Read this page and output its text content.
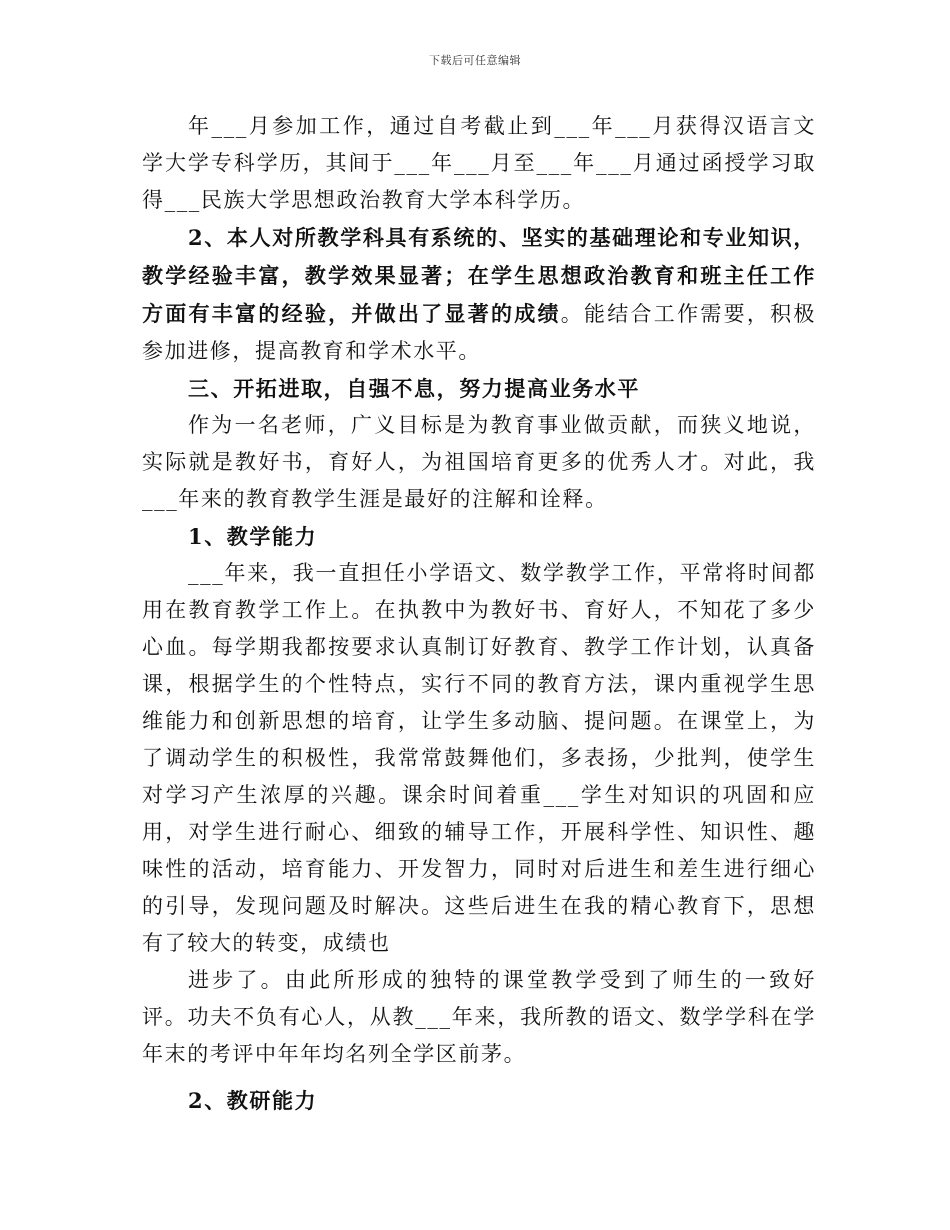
下载后可任意编辑

年___月参加工作，通过自考截止到___年___月获得汉语言文学大学专科学历，其间于___年___月至___年___月通过函授学习取得___民族大学思想政治教育大学本科学历。

2、本人对所教学科具有系统的、坚实的基础理论和专业知识，教学经验丰富，教学效果显著；在学生思想政治教育和班主任工作方面有丰富的经验，并做出了显著的成绩。能结合工作需要，积极参加进修，提高教育和学术水平。

三、开拓进取，自强不息，努力提高业务水平

作为一名老师，广义目标是为教育事业做贡献，而狭义地说，实际就是教好书，育好人，为祖国培育更多的优秀人才。对此，我___年来的教育教学生涯是最好的注解和诠释。

1、教学能力

___年来，我一直担任小学语文、数学教学工作，平常将时间都用在教育教学工作上。在执教中为教好书、育好人，不知花了多少心血。每学期我都按要求认真制订好教育、教学工作计划，认真备课，根据学生的个性特点，实行不同的教育方法，课内重视学生思维能力和创新思想的培育，让学生多动脑、提问题。在课堂上，为了调动学生的积极性，我常常鼓舞他们，多表扬，少批判，使学生对学习产生浓厚的兴趣。课余时间着重___学生对知识的巩固和应用，对学生进行耐心、细致的辅导工作，开展科学性、知识性、趣味性的活动，培育能力、开发智力，同时对后进生和差生进行细心的引导，发现问题及时解决。这些后进生在我的精心教育下，思想有了较大的转变，成绩也

进步了。由此所形成的独特的课堂教学受到了师生的一致好评。功夫不负有心人，从教___年来，我所教的语文、数学学科在学年末的考评中年年均名列全学区前茅。

2、教研能力
